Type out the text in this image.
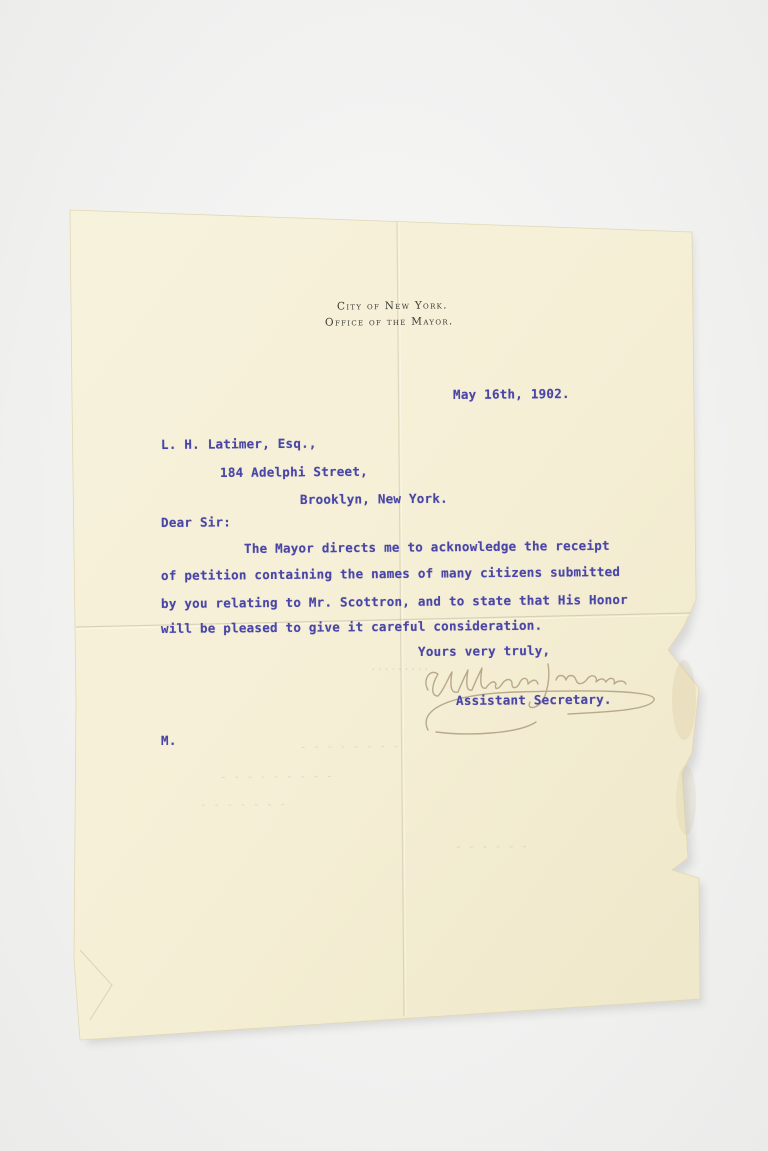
City of New York.
Office of the Mayor.
May 16th, 1902.
L. H. Latimer, Esq.,
184 Adelphi Street,
Brooklyn, New York.
Dear Sir:
The Mayor directs me to acknowledge the receipt
of petition containing the names of many citizens submitted
by you relating to Mr. Scottron, and to state that His Honor
will be pleased to give it careful consideration.
Yours very truly,
.........
- - - - - - - -
- - - - - - - - -
- - - - - - -
- - - - - -
Assistant Secretary.
M.
